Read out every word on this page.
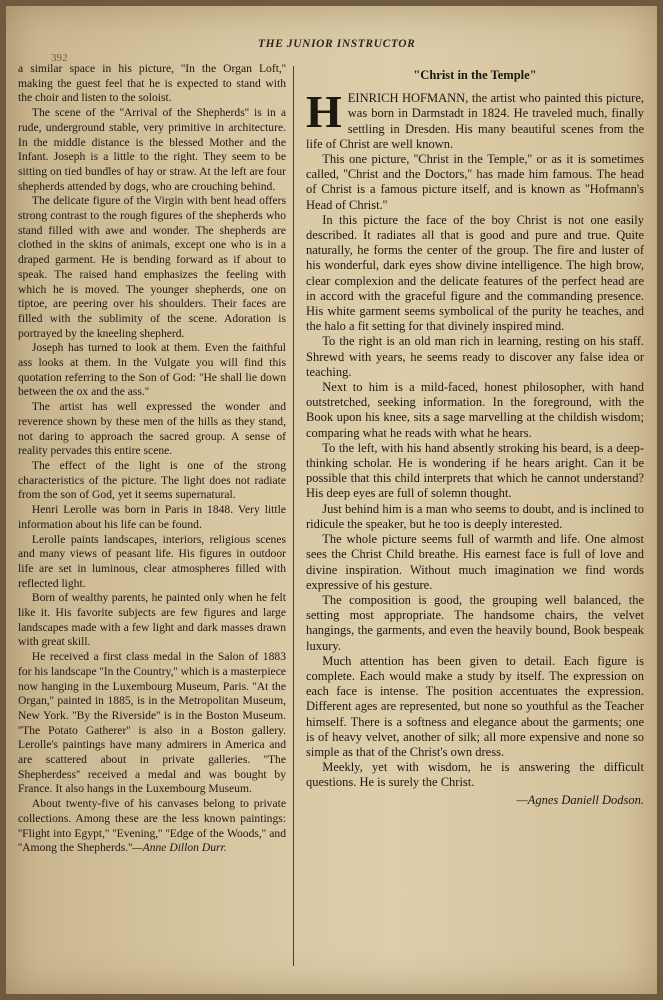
392
THE JUNIOR INSTRUCTOR

a similar space in his picture, ''In the Organ Loft,'' making the guest feel that he is expected to stand with the choir and listen to the soloist.

The scene of the ''Arrival of the Shepherds'' is in a rude, underground stable, very primitive in architecture. In the middle distance is the blessed Mother and the Infant. Joseph is a little to the right. They seem to be sitting on tied bundles of hay or straw. At the left are four shepherds attended by dogs, who are crouching behind.

The delicate figure of the Virgin with bent head offers strong contrast to the rough figures of the shepherds who stand filled with awe and wonder. The shepherds are clothed in the skins of animals, except one who is in a draped garment. He is bending forward as if about to speak. The raised hand emphasizes the feeling with which he is moved. The younger shepherds, one on tiptoe, are peering over his shoulders. Their faces are filled with the sublimity of the scene. Adoration is portrayed by the kneeling shepherd.

Joseph has turned to look at them. Even the faithful ass looks at them. In the Vulgate you will find this quotation referring to the Son of God: ''He shall lie down between the ox and the ass.''

The artist has well expressed the wonder and reverence shown by these men of the hills as they stand, not daring to approach the sacred group. A sense of reality pervades this entire scene.

The effect of the light is one of the strong characteristics of the picture. The light does not radiate from the son of God, yet it seems supernatural.

Henri Lerolle was born in Paris in 1848. Very little information about his life can be found.

Lerolle paints landscapes, interiors, religious scenes and many views of peasant life. His figures in outdoor life are set in luminous, clear atmospheres filled with reflected light.

Born of wealthy parents, he painted only when he felt like it. His favorite subjects are few figures and large landscapes made with a few light and dark masses drawn with great skill.

He received a first class medal in the Salon of 1883 for his landscape ''In the Country,'' which is a masterpiece now hanging in the Luxembourg Museum, Paris. ''At the Organ,'' painted in 1885, is in the Metropolitan Museum, New York. ''By the Riverside'' is in the Boston Museum. ''The Potato Gatherer'' is also in a Boston gallery. Lerolle's paintings have many admirers in America and are scattered about in private galleries. ''The Shepherdess'' received a medal and was bought by France. It also hangs in the Luxembourg Museum.

About twenty-five of his canvases belong to private collections. Among these are the less known paintings: ''Flight into Egypt,'' ''Evening,'' ''Edge of the Woods,'' and ''Among the Shepherds.''—Anne Dillon Durr.

"Christ in the Temple"

HEINRICH HOFMANN, the artist who painted this picture, was born in Darmstadt in 1824. He traveled much, finally settling in Dresden. His many beautiful scenes from the life of Christ are well known.

This one picture, ''Christ in the Temple,'' or as it is sometimes called, ''Christ and the Doctors,'' has made him famous. The head of Christ is a famous picture itself, and is known as ''Hofmann's Head of Christ.''

In this picture the face of the boy Christ is not one easily described. It radiates all that is good and pure and true. Quite naturally, he forms the center of the group. The fire and luster of his wonderful, dark eyes show divine intelligence. The high brow, clear complexion and the delicate features of the perfect head are in accord with the graceful figure and the commanding presence. His white garment seems symbolical of the purity he teaches, and the halo a fit setting for that divinely inspired mind.

To the right is an old man rich in learning, resting on his staff. Shrewd with years, he seems ready to discover any false idea or teaching.

Next to him is a mild-faced, honest philosopher, with hand outstretched, seeking information. In the foreground, with the Book upon his knee, sits a sage marvelling at the childish wisdom; comparing what he reads with what he hears.

To the left, with his hand absently stroking his beard, is a deep-thinking scholar. He is wondering if he hears aright. Can it be possible that this child interprets that which he cannot understand? His deep eyes are full of solemn thought.

Just behind him is a man who seems to doubt, and is inclined to ridicule the speaker, but he too is deeply interested.

The whole picture seems full of warmth and life. One almost sees the Christ Child breathe. His earnest face is full of love and divine inspiration. Without much imagination we find words expressive of his gesture.

The composition is good, the grouping well balanced, the setting most appropriate. The handsome chairs, the velvet hangings, the garments, and even the heavily bound, Book bespeak luxury.

Much attention has been given to detail. Each figure is complete. Each would make a study by itself. The expression on each face is intense. The position accentuates the expression. Different ages are represented, but none so youthful as the Teacher himself. There is a softness and elegance about the garments; one is of heavy velvet, another of silk; all more expensive and none so simple as that of the Christ's own dress.

Meekly, yet with wisdom, he is answering the difficult questions. He is surely the Christ.

—Agnes Daniell Dodson.
